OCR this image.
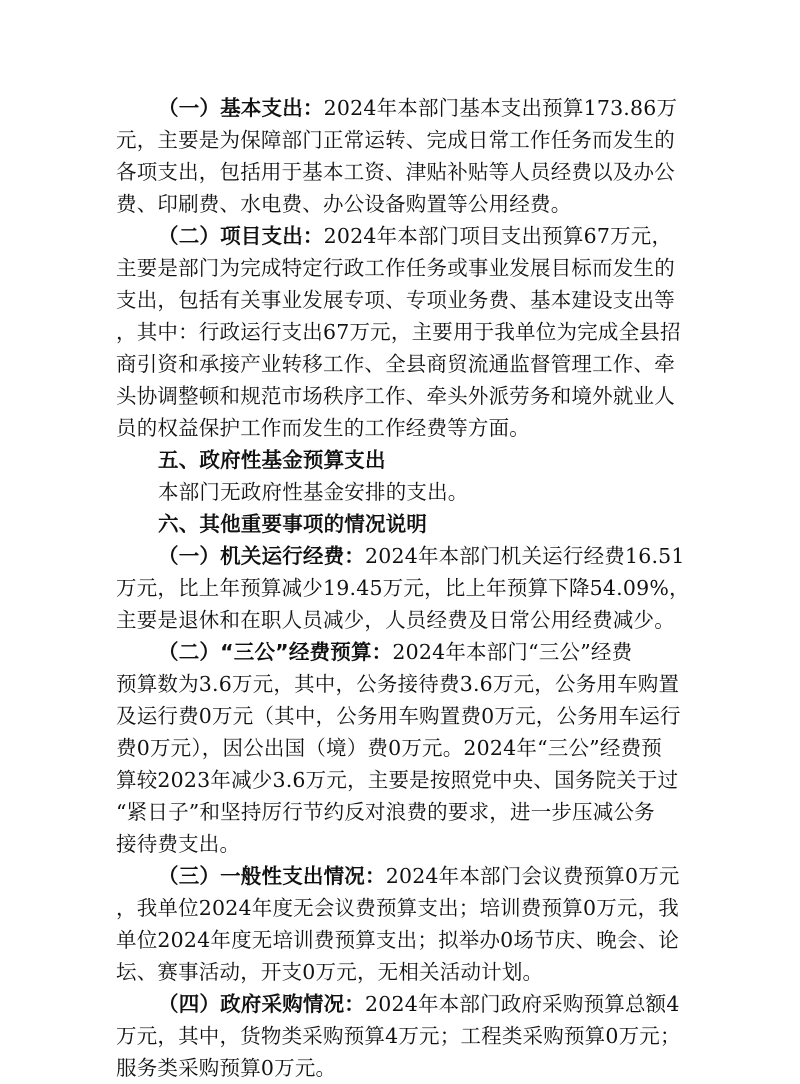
（一）基本支出：2024年本部门基本支出预算173.86万
元，主要是为保障部门正常运转、完成日常工作任务而发生的
各项支出，包括用于基本工资、津贴补贴等人员经费以及办公
费、印刷费、水电费、办公设备购置等公用经费。
（二）项目支出：2024年本部门项目支出预算67万元，
主要是部门为完成特定行政工作任务或事业发展目标而发生的
支出，包括有关事业发展专项、专项业务费、基本建设支出等
，其中：行政运行支出67万元，主要用于我单位为完成全县招
商引资和承接产业转移工作、全县商贸流通监督管理工作、牵
头协调整顿和规范市场秩序工作、牵头外派劳务和境外就业人
员的权益保护工作而发生的工作经费等方面。
五、政府性基金预算支出
本部门无政府性基金安排的支出。
六、其他重要事项的情况说明
（一）机关运行经费：2024年本部门机关运行经费16.51
万元，比上年预算减少19.45万元，比上年预算下降54.09%，
主要是退休和在职人员减少，人员经费及日常公用经费减少。
（二）“三公”经费预算：2024年本部门“三公”经费
预算数为3.6万元，其中，公务接待费3.6万元，公务用车购置
及运行费0万元（其中，公务用车购置费0万元，公务用车运行
费0万元），因公出国（境）费0万元。2024年“三公”经费预
算较2023年减少3.6万元，主要是按照党中央、国务院关于过
“紧日子”和坚持厉行节约反对浪费的要求，进一步压减公务
接待费支出。
（三）一般性支出情况：2024年本部门会议费预算0万元
，我单位2024年度无会议费预算支出；培训费预算0万元，我
单位2024年度无培训费预算支出；拟举办0场节庆、晚会、论
坛、赛事活动，开支0万元，无相关活动计划。
（四）政府采购情况：2024年本部门政府采购预算总额4
万元，其中，货物类采购预算4万元；工程类采购预算0万元；
服务类采购预算0万元。
